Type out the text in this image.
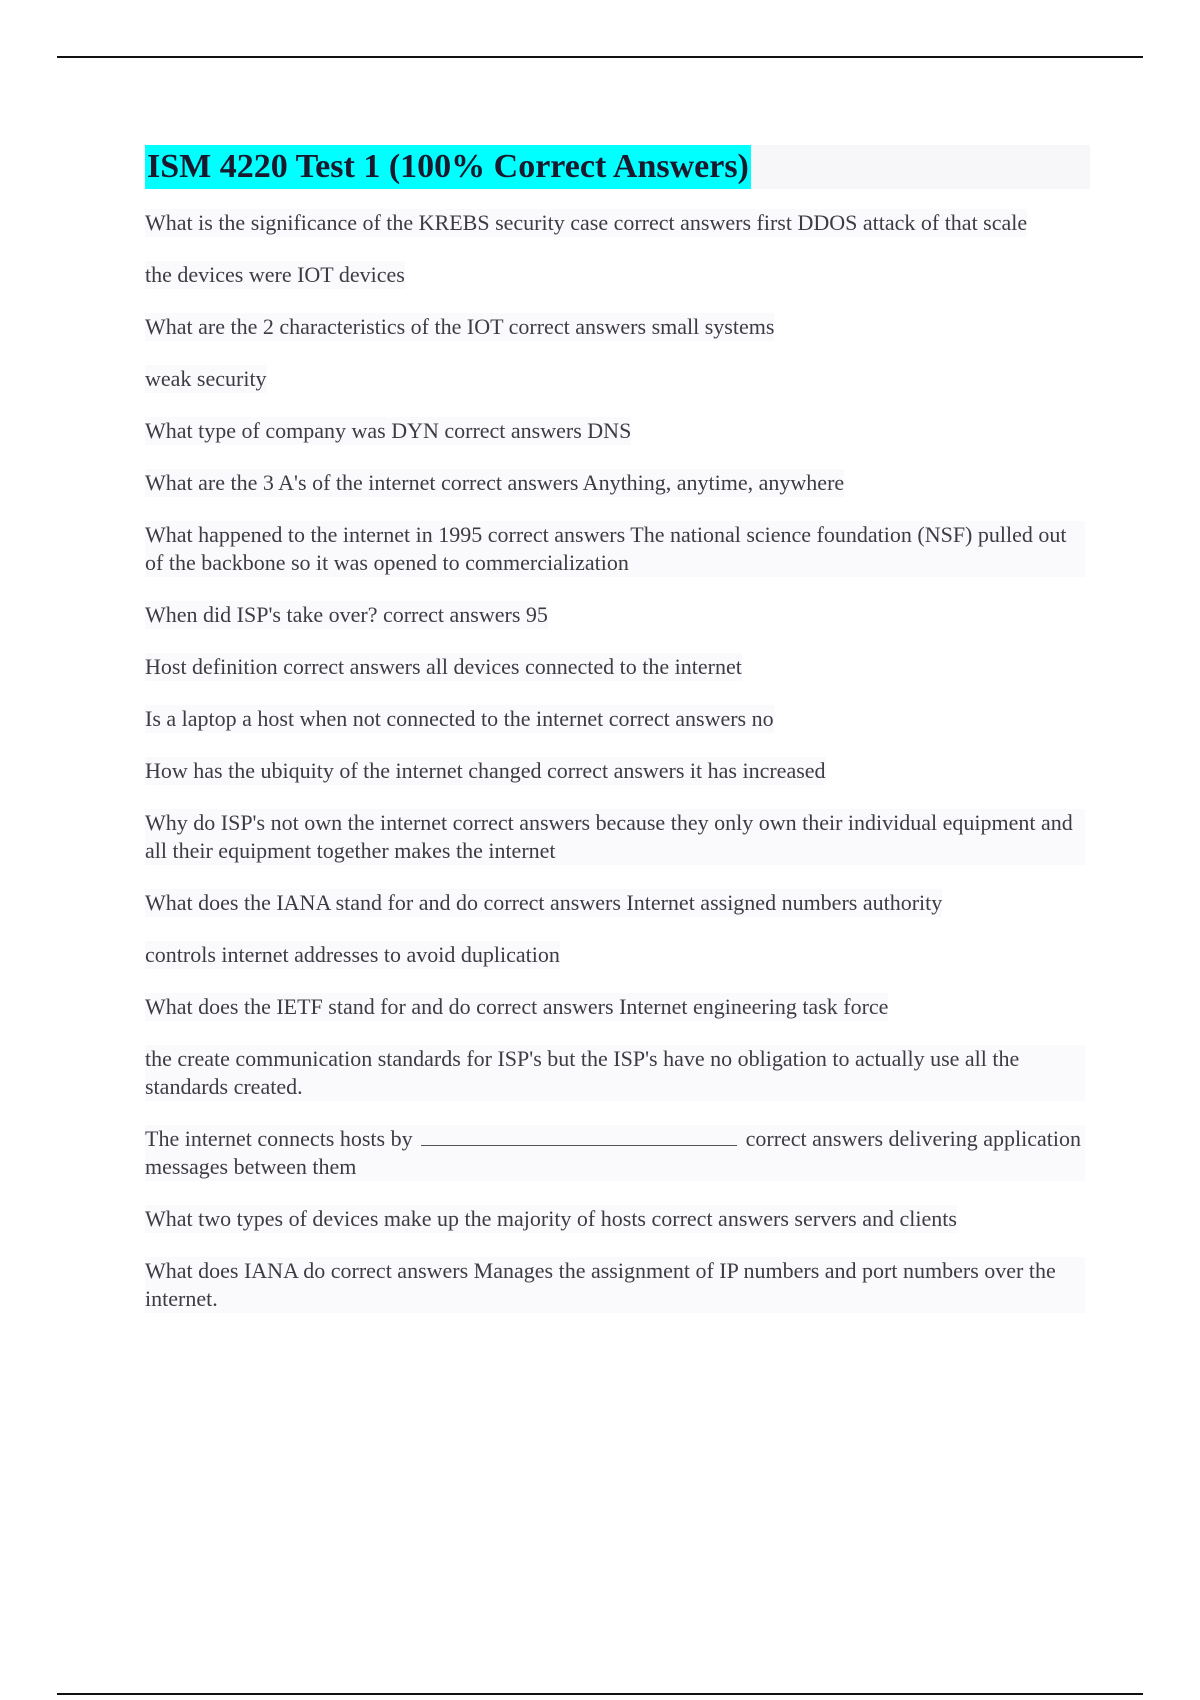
ISM 4220 Test 1 (100% Correct Answers)

What is the significance of the KREBS security case correct answers first DDOS attack of that scale

the devices were IOT devices

What are the 2 characteristics of the IOT correct answers small systems

weak security

What type of company was DYN correct answers DNS

What are the 3 A's of the internet correct answers Anything, anytime, anywhere

What happened to the internet in 1995 correct answers The national science foundation (NSF) pulled out of the backbone so it was opened to commercialization

When did ISP's take over? correct answers 95

Host definition correct answers all devices connected to the internet

Is a laptop a host when not connected to the internet correct answers no

How has the ubiquity of the internet changed correct answers it has increased

Why do ISP's not own the internet correct answers because they only own their individual equipment and all their equipment together makes the internet

What does the IANA stand for and do correct answers Internet assigned numbers authority

controls internet addresses to avoid duplication

What does the IETF stand for and do correct answers Internet engineering task force

the create communication standards for ISP's but the ISP's have no obligation to actually use all the standards created.

The internet connects hosts by	correct answers delivering application messages between them

What two types of devices make up the majority of hosts correct answers servers and clients

What does IANA do correct answers Manages the assignment of IP numbers and port numbers over the internet.
